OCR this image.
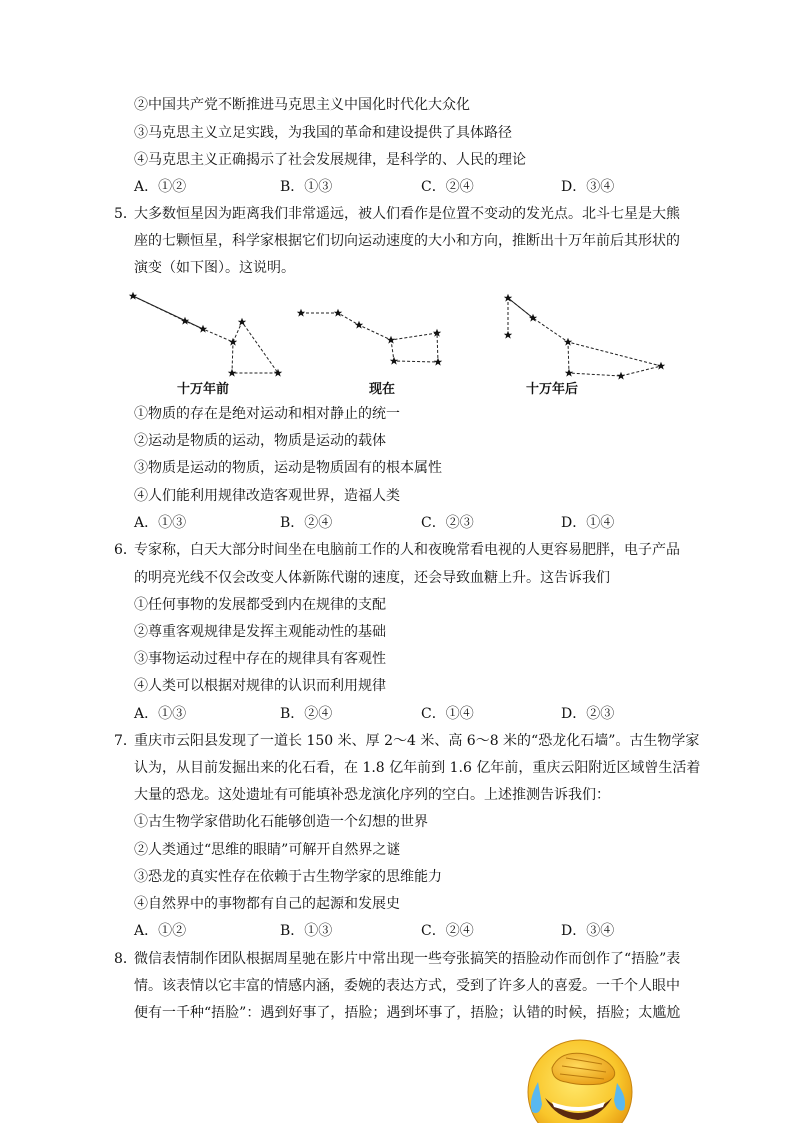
②中国共产党不断推进马克思主义中国化时代化大众化
③马克思主义立足实践，为我国的革命和建设提供了具体路径
④马克思主义正确揭示了社会发展规律，是科学的、人民的理论
A．①②	B．①③	C．②④	D．③④
5．
大多数恒星因为距离我们非常遥远，被人们看作是位置不变动的发光点。北斗七星是大熊
座的七颗恒星，科学家根据它们切向运动速度的大小和方向，推断出十万年前后其形状的
演变（如下图）。这说明。
十万年前	现在	十万年后
①物质的存在是绝对运动和相对静止的统一
②运动是物质的运动，物质是运动的载体
③物质是运动的物质，运动是物质固有的根本属性
④人们能利用规律改造客观世界，造福人类
A．①③	B．②④	C．②③	D．①④
6．
专家称，白天大部分时间坐在电脑前工作的人和夜晚常看电视的人更容易肥胖，电子产品
的明亮光线不仅会改变人体新陈代谢的速度，还会导致血糖上升。这告诉我们
①任何事物的发展都受到内在规律的支配
②尊重客观规律是发挥主观能动性的基础
③事物运动过程中存在的规律具有客观性
④人类可以根据对规律的认识而利用规律
A．①③	B．②④	C．①④	D．②③
7．
重庆市云阳县发现了一道长 150 米、厚 2～4 米、高 6～8 米的“恐龙化石墙”。古生物学家
认为，从目前发掘出来的化石看，在 1.8 亿年前到 1.6 亿年前，重庆云阳附近区域曾生活着
大量的恐龙。这处遗址有可能填补恐龙演化序列的空白。上述推测告诉我们：
①古生物学家借助化石能够创造一个幻想的世界
②人类通过“思维的眼睛”可解开自然界之谜
③恐龙的真实性存在依赖于古生物学家的思维能力
④自然界中的事物都有自己的起源和发展史
A．①②	B．①③	C．②④	D．③④
8．
微信表情制作团队根据周星驰在影片中常出现一些夸张搞笑的捂脸动作而创作了“捂脸”表
情。该表情以它丰富的情感内涵，委婉的表达方式，受到了许多人的喜爱。一千个人眼中
便有一千种“捂脸”：遇到好事了，捂脸；遇到坏事了，捂脸；认错的时候，捂脸；太尴尬
